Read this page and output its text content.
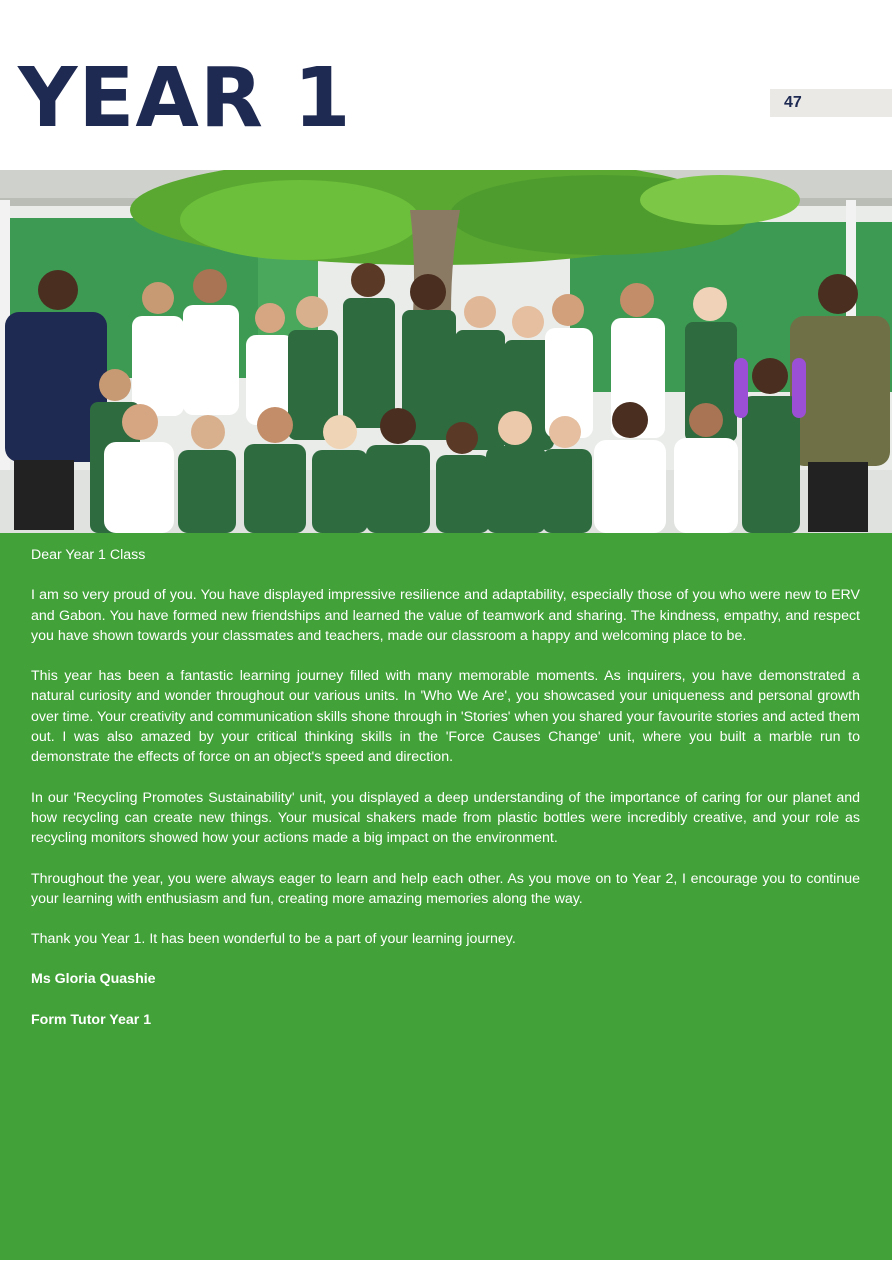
YEAR 1	47

Dear Year 1 Class

I am so very proud of you. You have displayed impressive resilience and adaptability, especially those of you who were new to ERV and Gabon. You have formed new friendships and learned the value of teamwork and sharing. The kindness, empathy, and respect you have shown towards your classmates and teachers, made our classroom a happy and welcoming place to be.

This year has been a fantastic learning journey filled with many memorable moments. As inquirers, you have demonstrated a natural curiosity and wonder throughout our various units. In 'Who We Are', you showcased your uniqueness and personal growth over time. Your creativity and communication skills shone through in 'Stories' when you shared your favourite stories and acted them out. I was also amazed by your critical thinking skills in the 'Force Causes Change' unit, where you built a marble run to demonstrate the effects of force on an object's speed and direction.

In our 'Recycling Promotes Sustainability' unit, you displayed a deep understanding of the importance of caring for our planet and how recycling can create new things. Your musical shakers made from plastic bottles were incredibly creative, and your role as recycling monitors showed how your actions made a big impact on the environment.

Throughout the year, you were always eager to learn and help each other. As you move on to Year 2, I encourage you to continue your learning with enthusiasm and fun, creating more amazing memories along the way.

Thank you Year 1. It has been wonderful to be a part of your learning journey.

Ms Gloria Quashie

Form Tutor Year 1
